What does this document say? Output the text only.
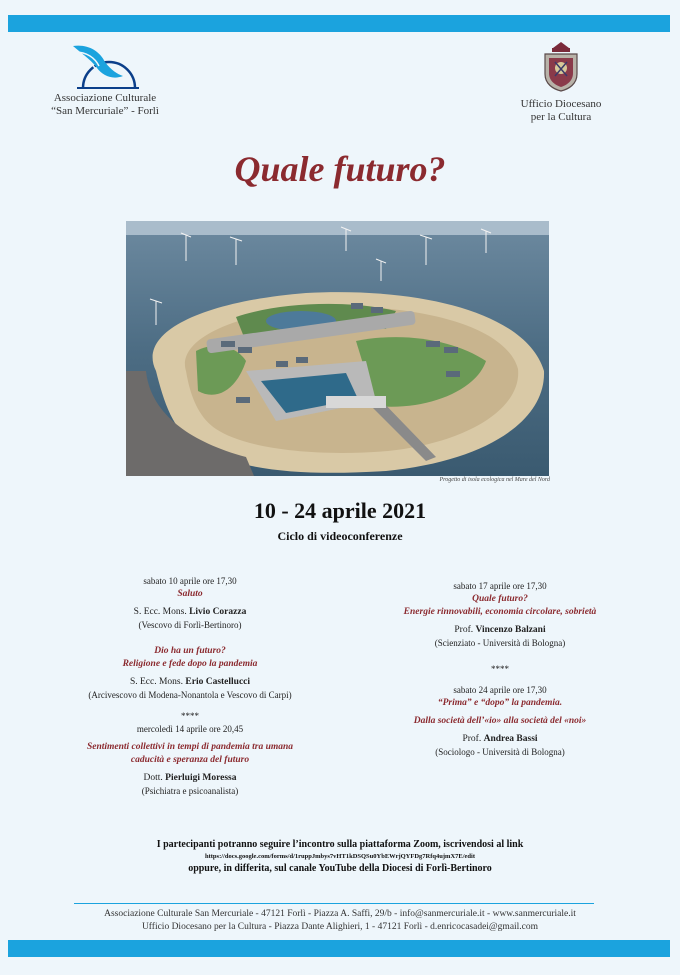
Associazione Culturale
“San Mercuriale” - Forlì
Ufficio Diocesano
per la Cultura
Quale futuro?
Progetto di isola ecologica nel Mare del Nord
10 - 24 aprile 2021
Ciclo di videoconferenze
sabato 10 aprile ore 17,30
Saluto
S. Ecc. Mons. Livio Corazza
(Vescovo di Forlì-Bertinoro)
Dio ha un futuro?
Religione e fede dopo la pandemia
S. Ecc. Mons. Erio Castellucci
(Arcivescovo di Modena-Nonantola e Vescovo di Carpi)
****
mercoledì 14 aprile ore 20,45
Sentimenti collettivi in tempi di pandemia tra umana
caducità e speranza del futuro
Dott. Pierluigi Moressa
(Psichiatra e psicoanalista)
sabato 17 aprile ore 17,30
Quale futuro?
Energie rinnovabili, economia circolare, sobrietà
Prof. Vincenzo Balzani
(Scienziato - Università di Bologna)
****
sabato 24 aprile ore 17,30
“Prima” e “dopo” la pandemia.
Dalla società dell’«io» alla società del «noi»
Prof. Andrea Bassi
(Sociologo - Università di Bologna)
I partecipanti potranno seguire l’incontro sulla piattaforma Zoom, iscrivendosi al link
https://docs.google.com/forms/d/1ruppJmbys7vHT1kDSQSu0YbEWrjQYFDg7Rfq4ujmX7E/edit
oppure, in differita, sul canale YouTube della Diocesi di Forlì-Bertinoro
Associazione Culturale San Mercuriale - 47121 Forlì - Piazza A. Saffi, 29/b - info@sanmercuriale.it - www.sanmercuriale.it
Ufficio Diocesano per la Cultura - Piazza Dante Alighieri, 1 - 47121 Forlì - d.enricocasadei@gmail.com
